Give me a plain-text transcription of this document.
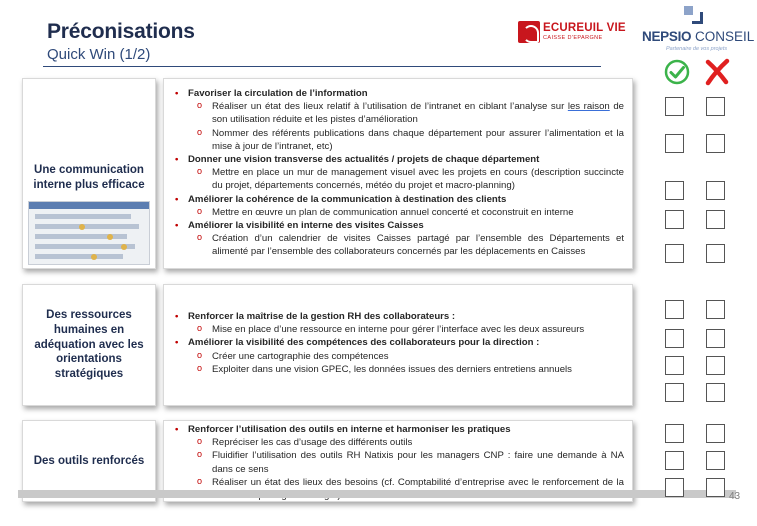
Préconisations
Quick Win (1/2)
ECUREUIL VIE
CAISSE D'EPARGNE	NEPSIO CONSEIL
Partenaire de vos projets
Une communication interne plus efficace
• Favoriser la circulation de l’information
o Réaliser un état des lieux relatif à l’utilisation de l’intranet en ciblant l’analyse sur les raison de son utilisation réduite et les pistes d’amélioration
o Nommer des référents publications dans chaque département pour assurer l’alimentation et la mise à jour de l’intranet, etc)
• Donner une vision transverse des actualités / projets de chaque département
o Mettre en place un mur de management visuel avec les projets en cours (description succincte du projet, départements concernés, météo du projet et macro-planning)
• Améliorer la cohérence de la communication à destination des clients
o Mettre en œuvre un plan de communication annuel concerté et coconstruit en interne
• Améliorer la visibilité en interne des visites Caisses
o Création d’un calendrier de visites Caisses partagé par l’ensemble des Départements et alimenté par l’ensemble des collaborateurs concernés par les déplacements en Caisses
Des ressources humaines en adéquation avec les orientations stratégiques
• Renforcer la maîtrise de la gestion RH des collaborateurs :
o Mise en place d’une ressource en interne pour gérer l’interface avec les deux assureurs
• Améliorer la visibilité des compétences des collaborateurs pour la direction :
o Créer une cartographie des compétences
o Exploiter dans une vision GPEC, les données issues des derniers entretiens annuels
Des outils renforcés
• Renforcer l’utilisation des outils en interne et harmoniser les pratiques
o Repréciser les cas d’usage des différents outils
o Fluidifier l’utilisation des outils RH Natixis pour les managers CNP : faire une demande à NA dans ce sens
o Réaliser un état des lieux des besoins (cf. Comptabilité d’entreprise avec le renforcement de la
43
